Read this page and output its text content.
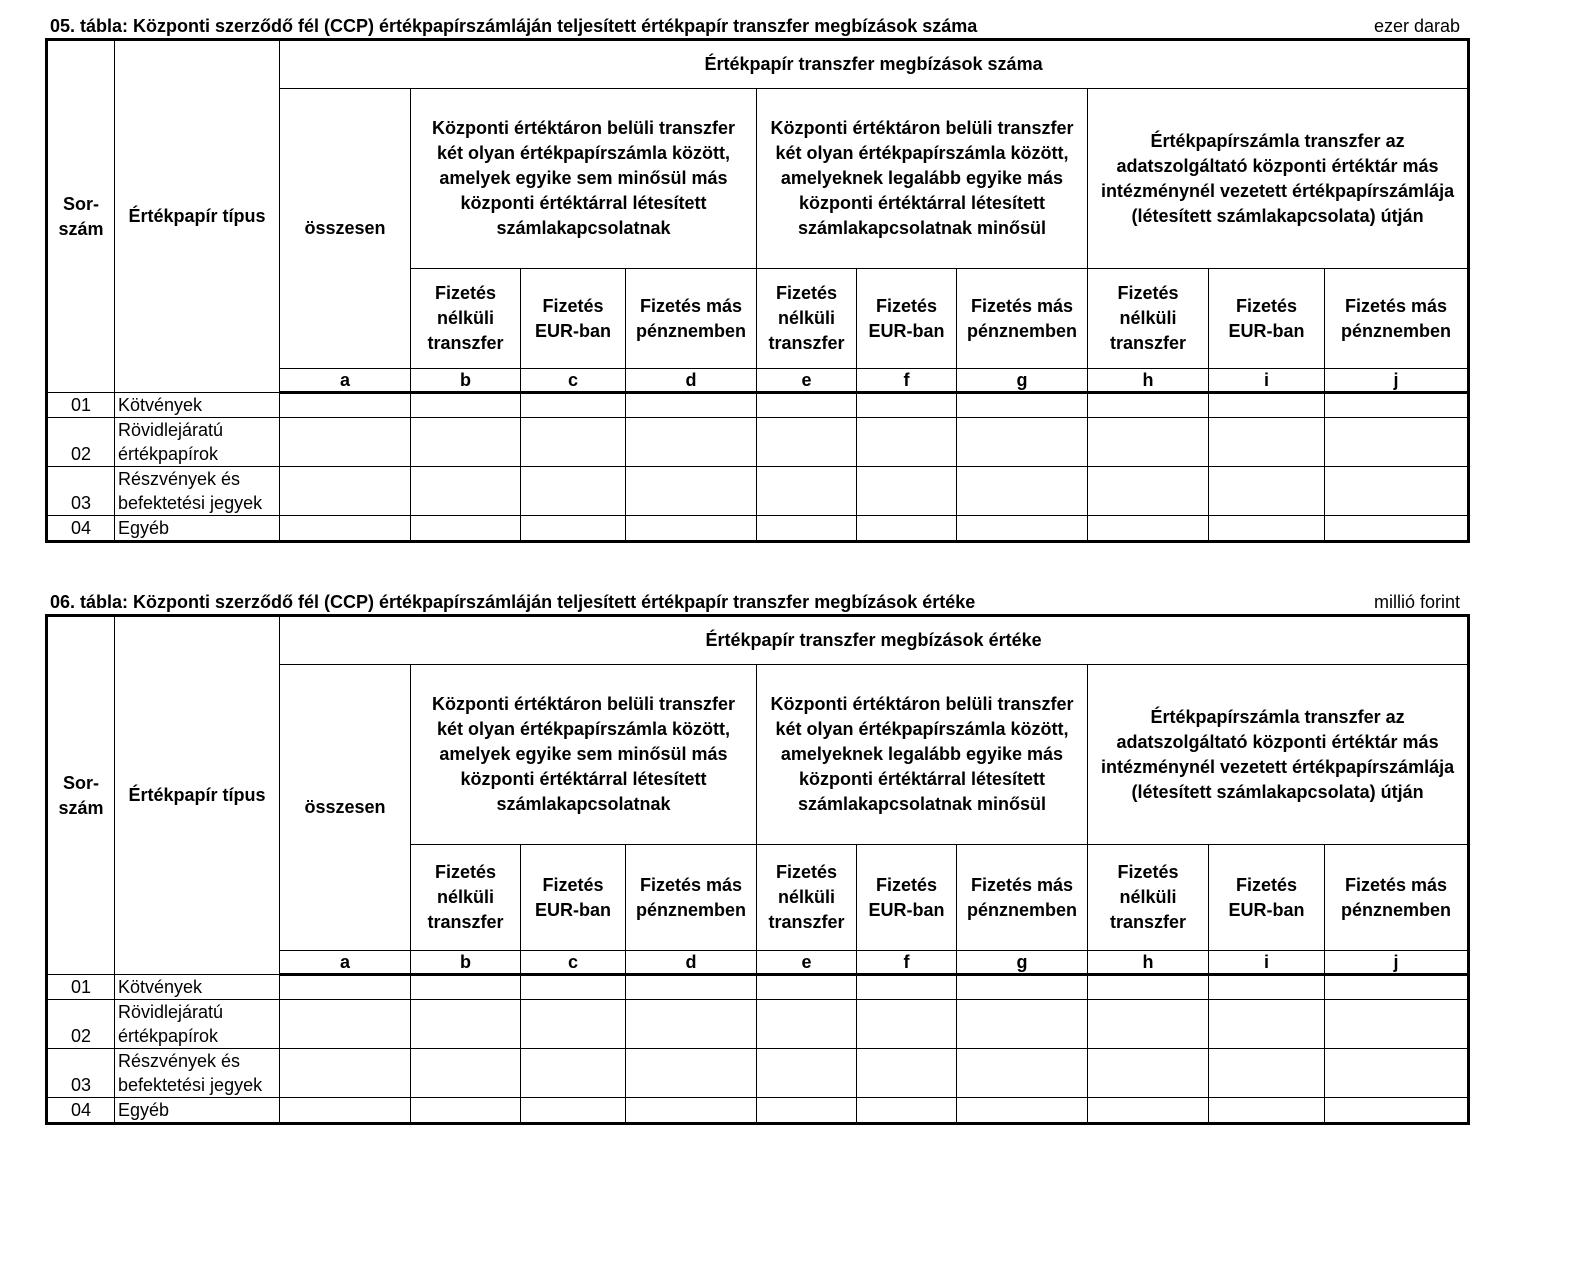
05. tábla: Központi szerződő fél (CCP) értékpapírszámláján teljesített értékpapír transzfer megbízások száma	ezer darab
Sor-
szám	Értékpapír típus	Értékpapír transzfer megbízások száma									
		összesen	Központi értéktáron belüli transzfer két olyan értékpapírszámla között, amelyek egyike sem minősül más központi értéktárral létesített számlakapcsolatnak			Központi értéktáron belüli transzfer két olyan értékpapírszámla között, amelyeknek legalább egyike más központi értéktárral létesített számlakapcsolatnak minősül			Értékpapírszámla transzfer az adatszolgáltató központi értéktár más intézménynél vezetett értékpapírszámlája (létesített számlakapcsolata) útján		
			Fizetés nélküli transzfer	Fizetés EUR-ban	Fizetés más pénznemben	Fizetés nélküli transzfer	Fizetés EUR-ban	Fizetés más pénznemben	Fizetés nélküli transzfer	Fizetés EUR-ban	Fizetés más pénznemben
		a	b	c	d	e	f	g	h	i	j
01	Kötvények										
02	Rövidlejáratú értékpapírok										
03	Részvények és befektetési jegyek										
04	Egyéb										
06. tábla: Központi szerződő fél (CCP) értékpapírszámláján teljesített értékpapír transzfer megbízások értéke	millió forint
Sor-
szám	Értékpapír típus	Értékpapír transzfer megbízások értéke									
		összesen	Központi értéktáron belüli transzfer két olyan értékpapírszámla között, amelyek egyike sem minősül más központi értéktárral létesített számlakapcsolatnak			Központi értéktáron belüli transzfer két olyan értékpapírszámla között, amelyeknek legalább egyike más központi értéktárral létesített számlakapcsolatnak minősül			Értékpapírszámla transzfer az adatszolgáltató központi értéktár más intézménynél vezetett értékpapírszámlája (létesített számlakapcsolata) útján		
			Fizetés nélküli transzfer	Fizetés EUR-ban	Fizetés más pénznemben	Fizetés nélküli transzfer	Fizetés EUR-ban	Fizetés más pénznemben	Fizetés nélküli transzfer	Fizetés EUR-ban	Fizetés más pénznemben
		a	b	c	d	e	f	g	h	i	j
01	Kötvények										
02	Rövidlejáratú értékpapírok										
03	Részvények és befektetési jegyek										
04	Egyéb										
